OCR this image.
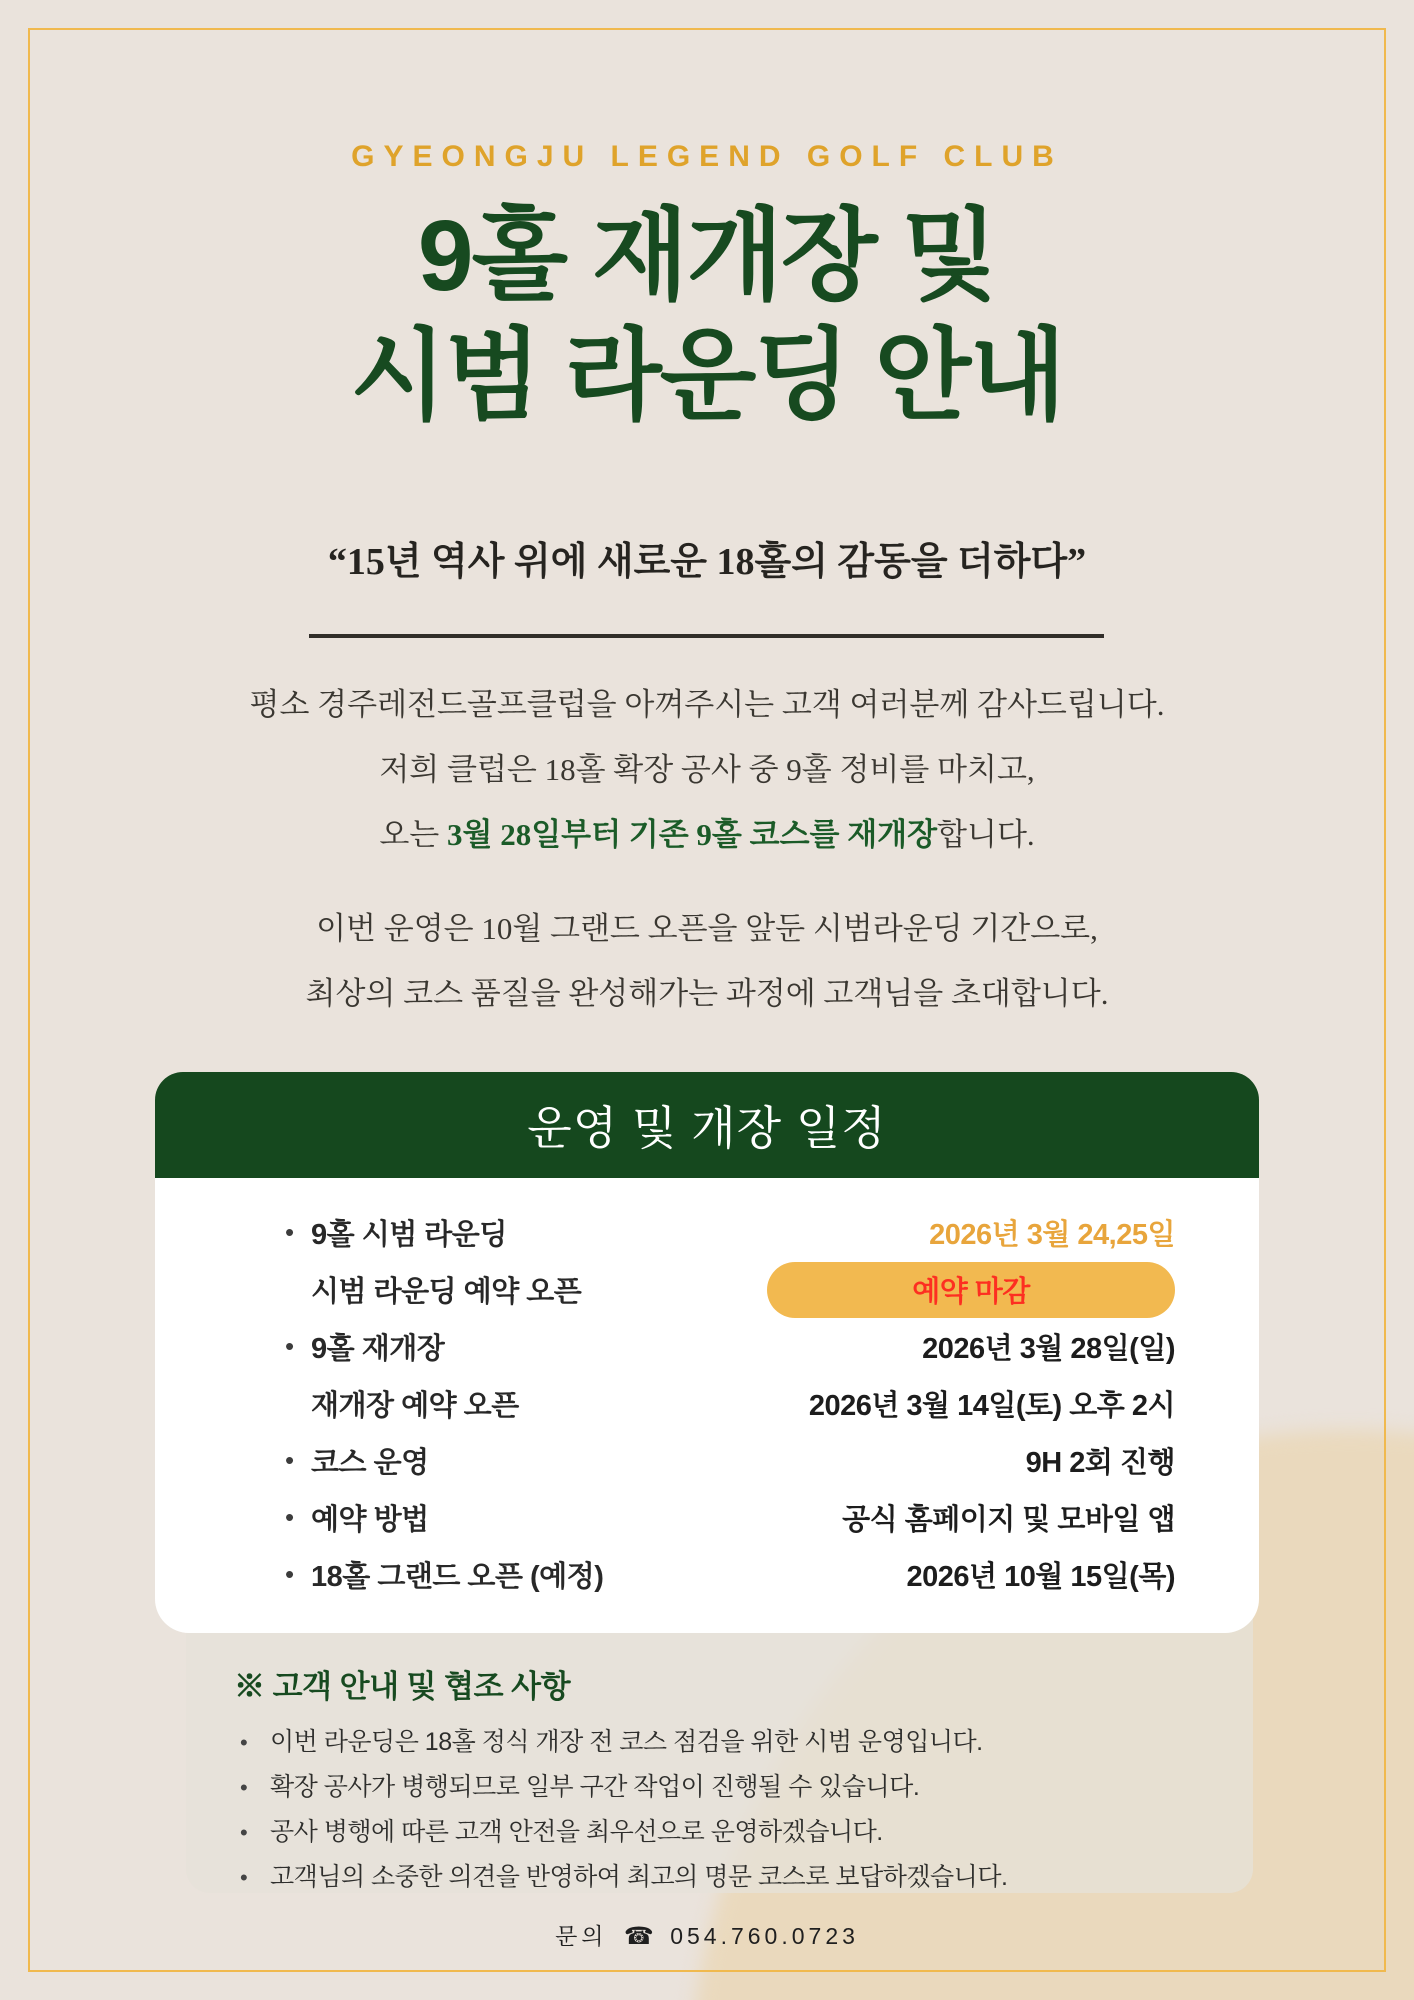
GYEONGJU LEGEND GOLF CLUB
9홀 재개장 및
시범 라운딩 안내
“15년 역사 위에 새로운 18홀의 감동을 더하다”
평소 경주레전드골프클럽을 아껴주시는 고객 여러분께 감사드립니다.
저희 클럽은 18홀 확장 공사 중 9홀 정비를 마치고,
오는 3월 28일부터 기존 9홀 코스를 재개장합니다.
이번 운영은 10월 그랜드 오픈을 앞둔 시범라운딩 기간으로,
최상의 코스 품질을 완성해가는 과정에 고객님을 초대합니다.
운영 및 개장 일정
• 9홀 시범 라운딩	2026년 3월 24,25일
시범 라운딩 예약 오픈	예약 마감
• 9홀 재개장	2026년 3월 28일(일)
재개장 예약 오픈	2026년 3월 14일(토) 오후 2시
• 코스 운영	9H 2회 진행
• 예약 방법	공식 홈페이지 및 모바일 앱
• 18홀 그랜드 오픈 (예정)	2026년 10월 15일(목)
※ 고객 안내 및 협조 사항
• 이번 라운딩은 18홀 정식 개장 전 코스 점검을 위한 시범 운영입니다.
• 확장 공사가 병행되므로 일부 구간 작업이 진행될 수 있습니다.
• 공사 병행에 따른 고객 안전을 최우선으로 운영하겠습니다.
• 고객님의 소중한 의견을 반영하여 최고의 명문 코스로 보답하겠습니다.
문의 ☎ 054.760.0723
